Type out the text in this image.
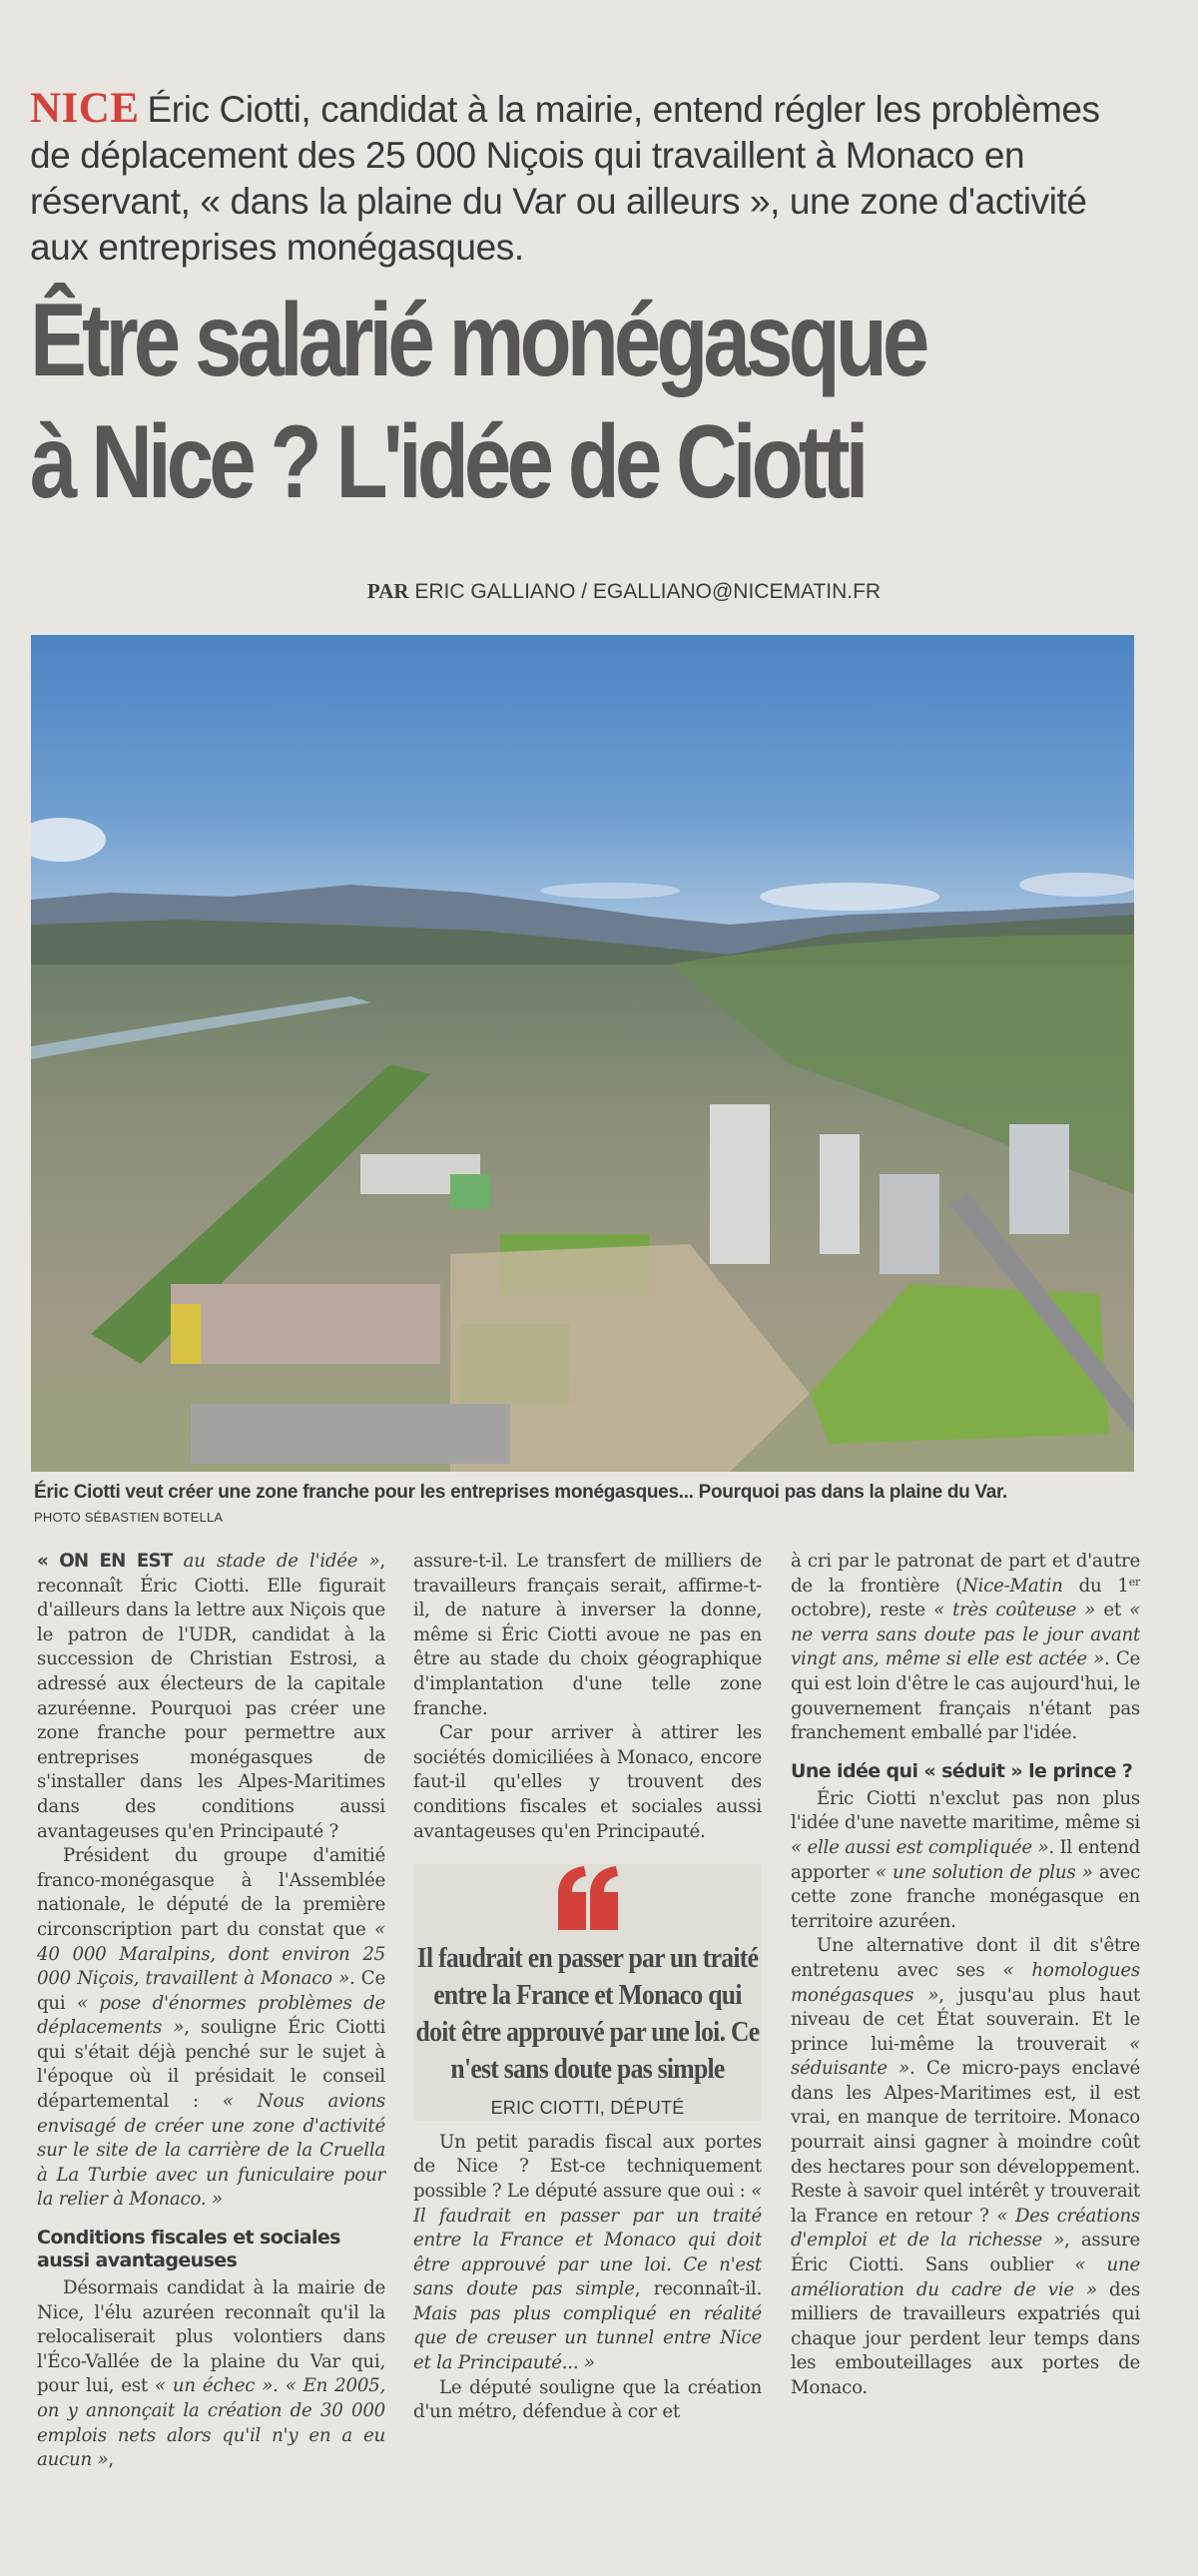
NICE Éric Ciotti, candidat à la mairie, entend régler les problèmes de déplacement des 25 000 Niçois qui travaillent à Monaco en réservant, « dans la plaine du Var ou ailleurs », une zone d'activité aux entreprises monégasques.
Être salarié monégasque
à Nice ? L'idée de Ciotti
PAR ERIC GALLIANO / EGALLIANO@NICEMATIN.FR
Éric Ciotti veut créer une zone franche pour les entreprises monégasques... Pourquoi pas dans la plaine du Var.
PHOTO SÉBASTIEN BOTELLA

« ON EN EST au stade de l'idée », reconnaît Éric Ciotti. Elle figurait d'ailleurs dans la lettre aux Niçois que le patron de l'UDR, candidat à la succession de Christian Estrosi, a adressé aux électeurs de la capitale azuréenne. Pourquoi pas créer une zone franche pour permettre aux entreprises monégasques de s'installer dans les Alpes-Maritimes dans des conditions aussi avantageuses qu'en Principauté ?

Président du groupe d'amitié franco-monégasque à l'Assemblée nationale, le député de la première circonscription part du constat que « 40 000 Maralpins, dont environ 25 000 Niçois, travaillent à Monaco ». Ce qui « pose d'énormes problèmes de déplacements », souligne Éric Ciotti qui s'était déjà penché sur le sujet à l'époque où il présidait le conseil départemental : « Nous avions envisagé de créer une zone d'activité sur le site de la carrière de la Cruella à La Turbie avec un funiculaire pour la relier à Monaco. »

Conditions fiscales et sociales aussi avantageuses

Désormais candidat à la mairie de Nice, l'élu azuréen reconnaît qu'il la relocaliserait plus volontiers dans l'Éco-Vallée de la plaine du Var qui, pour lui, est « un échec ». « En 2005, on y annonçait la création de 30 000 emplois nets alors qu'il n'y en a eu aucun »,

assure-t-il. Le transfert de milliers de travailleurs français serait, affirme-t-il, de nature à inverser la donne, même si Éric Ciotti avoue ne pas en être au stade du choix géographique d'implantation d'une telle zone franche.

Car pour arriver à attirer les sociétés domiciliées à Monaco, encore faut-il qu'elles y trouvent des conditions fiscales et sociales aussi avantageuses qu'en Principauté.

Il faudrait en passer par un traité entre la France et Monaco qui doit être approuvé par une loi. Ce n'est sans doute pas simple
ERIC CIOTTI, DÉPUTÉ

Un petit paradis fiscal aux portes de Nice ? Est-ce techniquement possible ? Le député assure que oui : « Il faudrait en passer par un traité entre la France et Monaco qui doit être approuvé par une loi. Ce n'est sans doute pas simple, reconnaît-il. Mais pas plus compliqué en réalité que de creuser un tunnel entre Nice et la Principauté... »

Le député souligne que la création d'un métro, défendue à cor et

à cri par le patronat de part et d'autre de la frontière (Nice-Matin du 1er octobre), reste « très coûteuse » et « ne verra sans doute pas le jour avant vingt ans, même si elle est actée ». Ce qui est loin d'être le cas aujourd'hui, le gouvernement français n'étant pas franchement emballé par l'idée.

Une idée qui « séduit » le prince ?

Éric Ciotti n'exclut pas non plus l'idée d'une navette maritime, même si « elle aussi est compliquée ». Il entend apporter « une solution de plus » avec cette zone franche monégasque en territoire azuréen.

Une alternative dont il dit s'être entretenu avec ses « homologues monégasques », jusqu'au plus haut niveau de cet État souverain. Et le prince lui-même la trouverait « séduisante ». Ce micro-pays enclavé dans les Alpes-Maritimes est, il est vrai, en manque de territoire. Monaco pourrait ainsi gagner à moindre coût des hectares pour son développement. Reste à savoir quel intérêt y trouverait la France en retour ? « Des créations d'emploi et de la richesse », assure Éric Ciotti. Sans oublier « une amélioration du cadre de vie » des milliers de travailleurs expatriés qui chaque jour perdent leur temps dans les embouteillages aux portes de Monaco.
